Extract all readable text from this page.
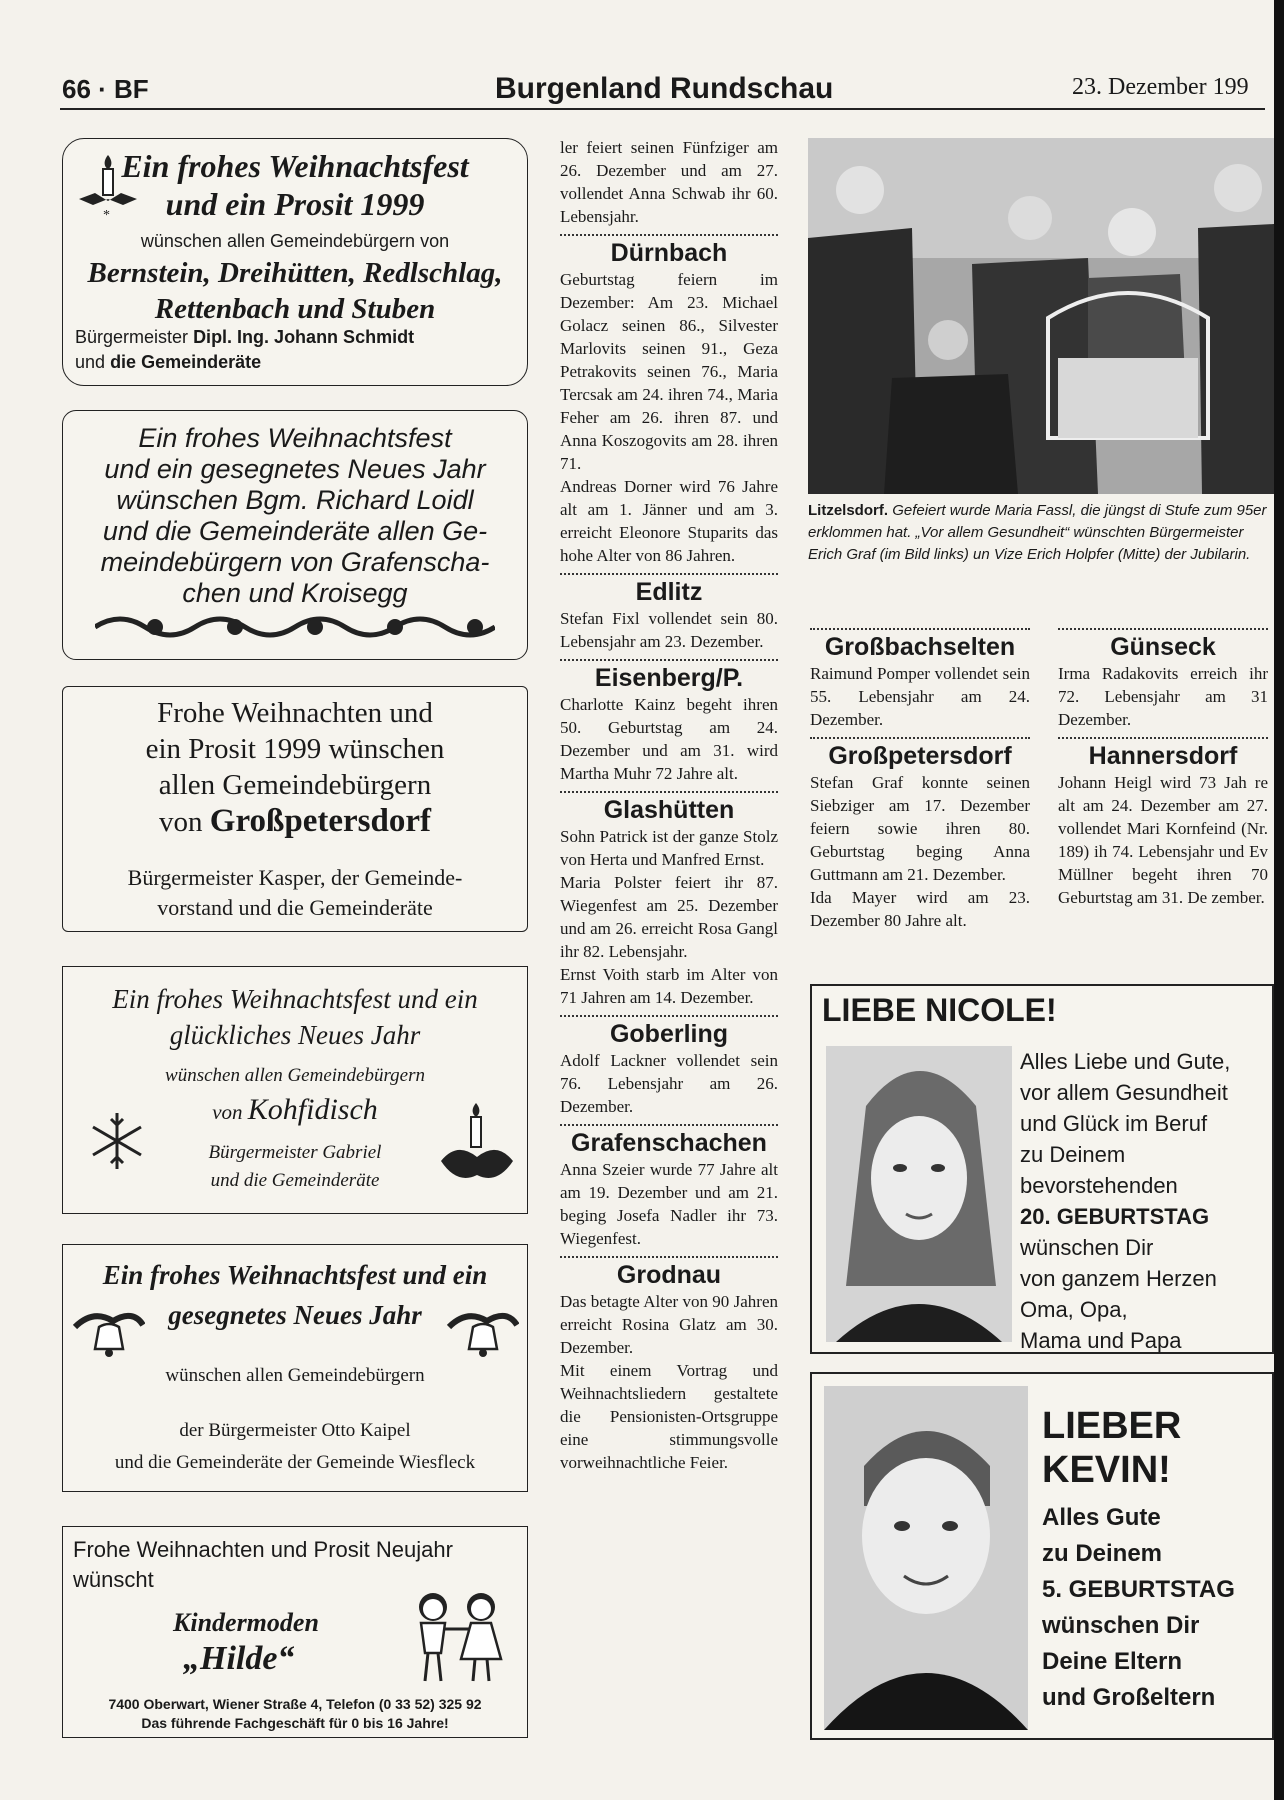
66 · BF	Burgenland Rundschau	23. Dezember 199
*
Ein frohes Weihnachtsfest
und ein Prosit 1999
wünschen allen Gemeindebürgern von
Bernstein, Dreihütten, Redlschlag,
Rettenbach und Stuben
Bürgermeister Dipl. Ing. Johann Schmidt
und die Gemeinderäte
Ein frohes Weihnachtsfest
und ein gesegnetes Neues Jahr
wünschen Bgm. Richard Loidl
und die Gemeinderäte allen Ge-
meindebürgern von Grafenscha-
chen und Kroisegg
Frohe Weihnachten und
ein Prosit 1999 wünschen
allen Gemeindebürgern
von Großpetersdorf
Bürgermeister Kasper, der Gemeinde-
vorstand und die Gemeinderäte
Ein frohes Weihnachtsfest und ein
glückliches Neues Jahr
wünschen allen Gemeindebürgern
von Kohfidisch
Bürgermeister Gabriel
und die Gemeinderäte
Ein frohes Weihnachtsfest und ein
gesegnetes Neues Jahr
wünschen allen Gemeindebürgern
der Bürgermeister Otto Kaipel
und die Gemeinderäte der Gemeinde Wiesfleck
Frohe Weihnachten und Prosit Neujahr
wünscht
Kindermoden
„Hilde“
7400 Oberwart, Wiener Straße 4, Telefon (0 33 52) 325 92
Das führende Fachgeschäft für 0 bis 16 Jahre!

ler feiert seinen Fünfziger am 26. Dezember und am 27. vollendet Anna Schwab ihr 60. Lebensjahr.

Dürnbach

Geburtstag feiern im Dezember: Am 23. Michael Golacz seinen 86., Silvester Marlovits seinen 91., Geza Petrakovits seinen 76., Maria Tercsak am 24. ihren 74., Maria Feher am 26. ihren 87. und Anna Koszogovits am 28. ihren 71.

Andreas Dorner wird 76 Jahre alt am 1. Jänner und am 3. erreicht Eleonore Stuparits das hohe Alter von 86 Jahren.

Edlitz

Stefan Fixl vollendet sein 80. Lebensjahr am 23. Dezember.

Eisenberg/P.

Charlotte Kainz begeht ihren 50. Geburtstag am 24. Dezember und am 31. wird Martha Muhr 72 Jahre alt.

Glashütten

Sohn Patrick ist der ganze Stolz von Herta und Manfred Ernst.

Maria Polster feiert ihr 87. Wiegenfest am 25. Dezember und am 26. erreicht Rosa Gangl ihr 82. Lebensjahr.

Ernst Voith starb im Alter von 71 Jahren am 14. Dezember.

Goberling

Adolf Lackner vollendet sein 76. Lebensjahr am 26. Dezember.

Grafenschachen

Anna Szeier wurde 77 Jahre alt am 19. Dezember und am 21. beging Josefa Nadler ihr 73. Wiegenfest.

Grodnau

Das betagte Alter von 90 Jahren erreicht Rosina Glatz am 30. Dezember.

Mit einem Vortrag und Weihnachtsliedern gestaltete die Pensionisten-Ortsgruppe eine stimmungsvolle vorweihnachtliche Feier.

Litzelsdorf. Gefeiert wurde Maria Fassl, die jüngst di Stufe zum 95er erklommen hat. „Vor allem Gesundheit“ wünschten Bürgermeister Erich Graf (im Bild links) un Vize Erich Holpfer (Mitte) der Jubilarin.
Großbachselten

Raimund Pomper vollendet sein 55. Lebensjahr am 24. Dezember.

Großpetersdorf

Stefan Graf konnte seinen Siebziger am 17. Dezember feiern sowie ihren 80. Geburtstag beging Anna Guttmann am 21. Dezember.

Ida Mayer wird am 23. Dezember 80 Jahre alt.

Günseck

Irma Radakovits erreich ihr 72. Lebensjahr am 31 Dezember.

Hannersdorf

Johann Heigl wird 73 Jah re alt am 24. Dezember am 27. vollendet Mari Kornfeind (Nr. 189) ih 74. Lebensjahr und Ev Müllner begeht ihren 70 Geburtstag am 31. De zember.

LIEBE NICOLE!
Alles Liebe und Gute,
vor allem Gesundheit
und Glück im Beruf
zu Deinem
bevorstehenden
20. GEBURTSTAG
wünschen Dir
von ganzem Herzen
Oma, Opa,
Mama und Papa
LIEBER
KEVIN!
Alles Gute
zu Deinem
5. GEBURTSTAG
wünschen Dir
Deine Eltern
und Großeltern
